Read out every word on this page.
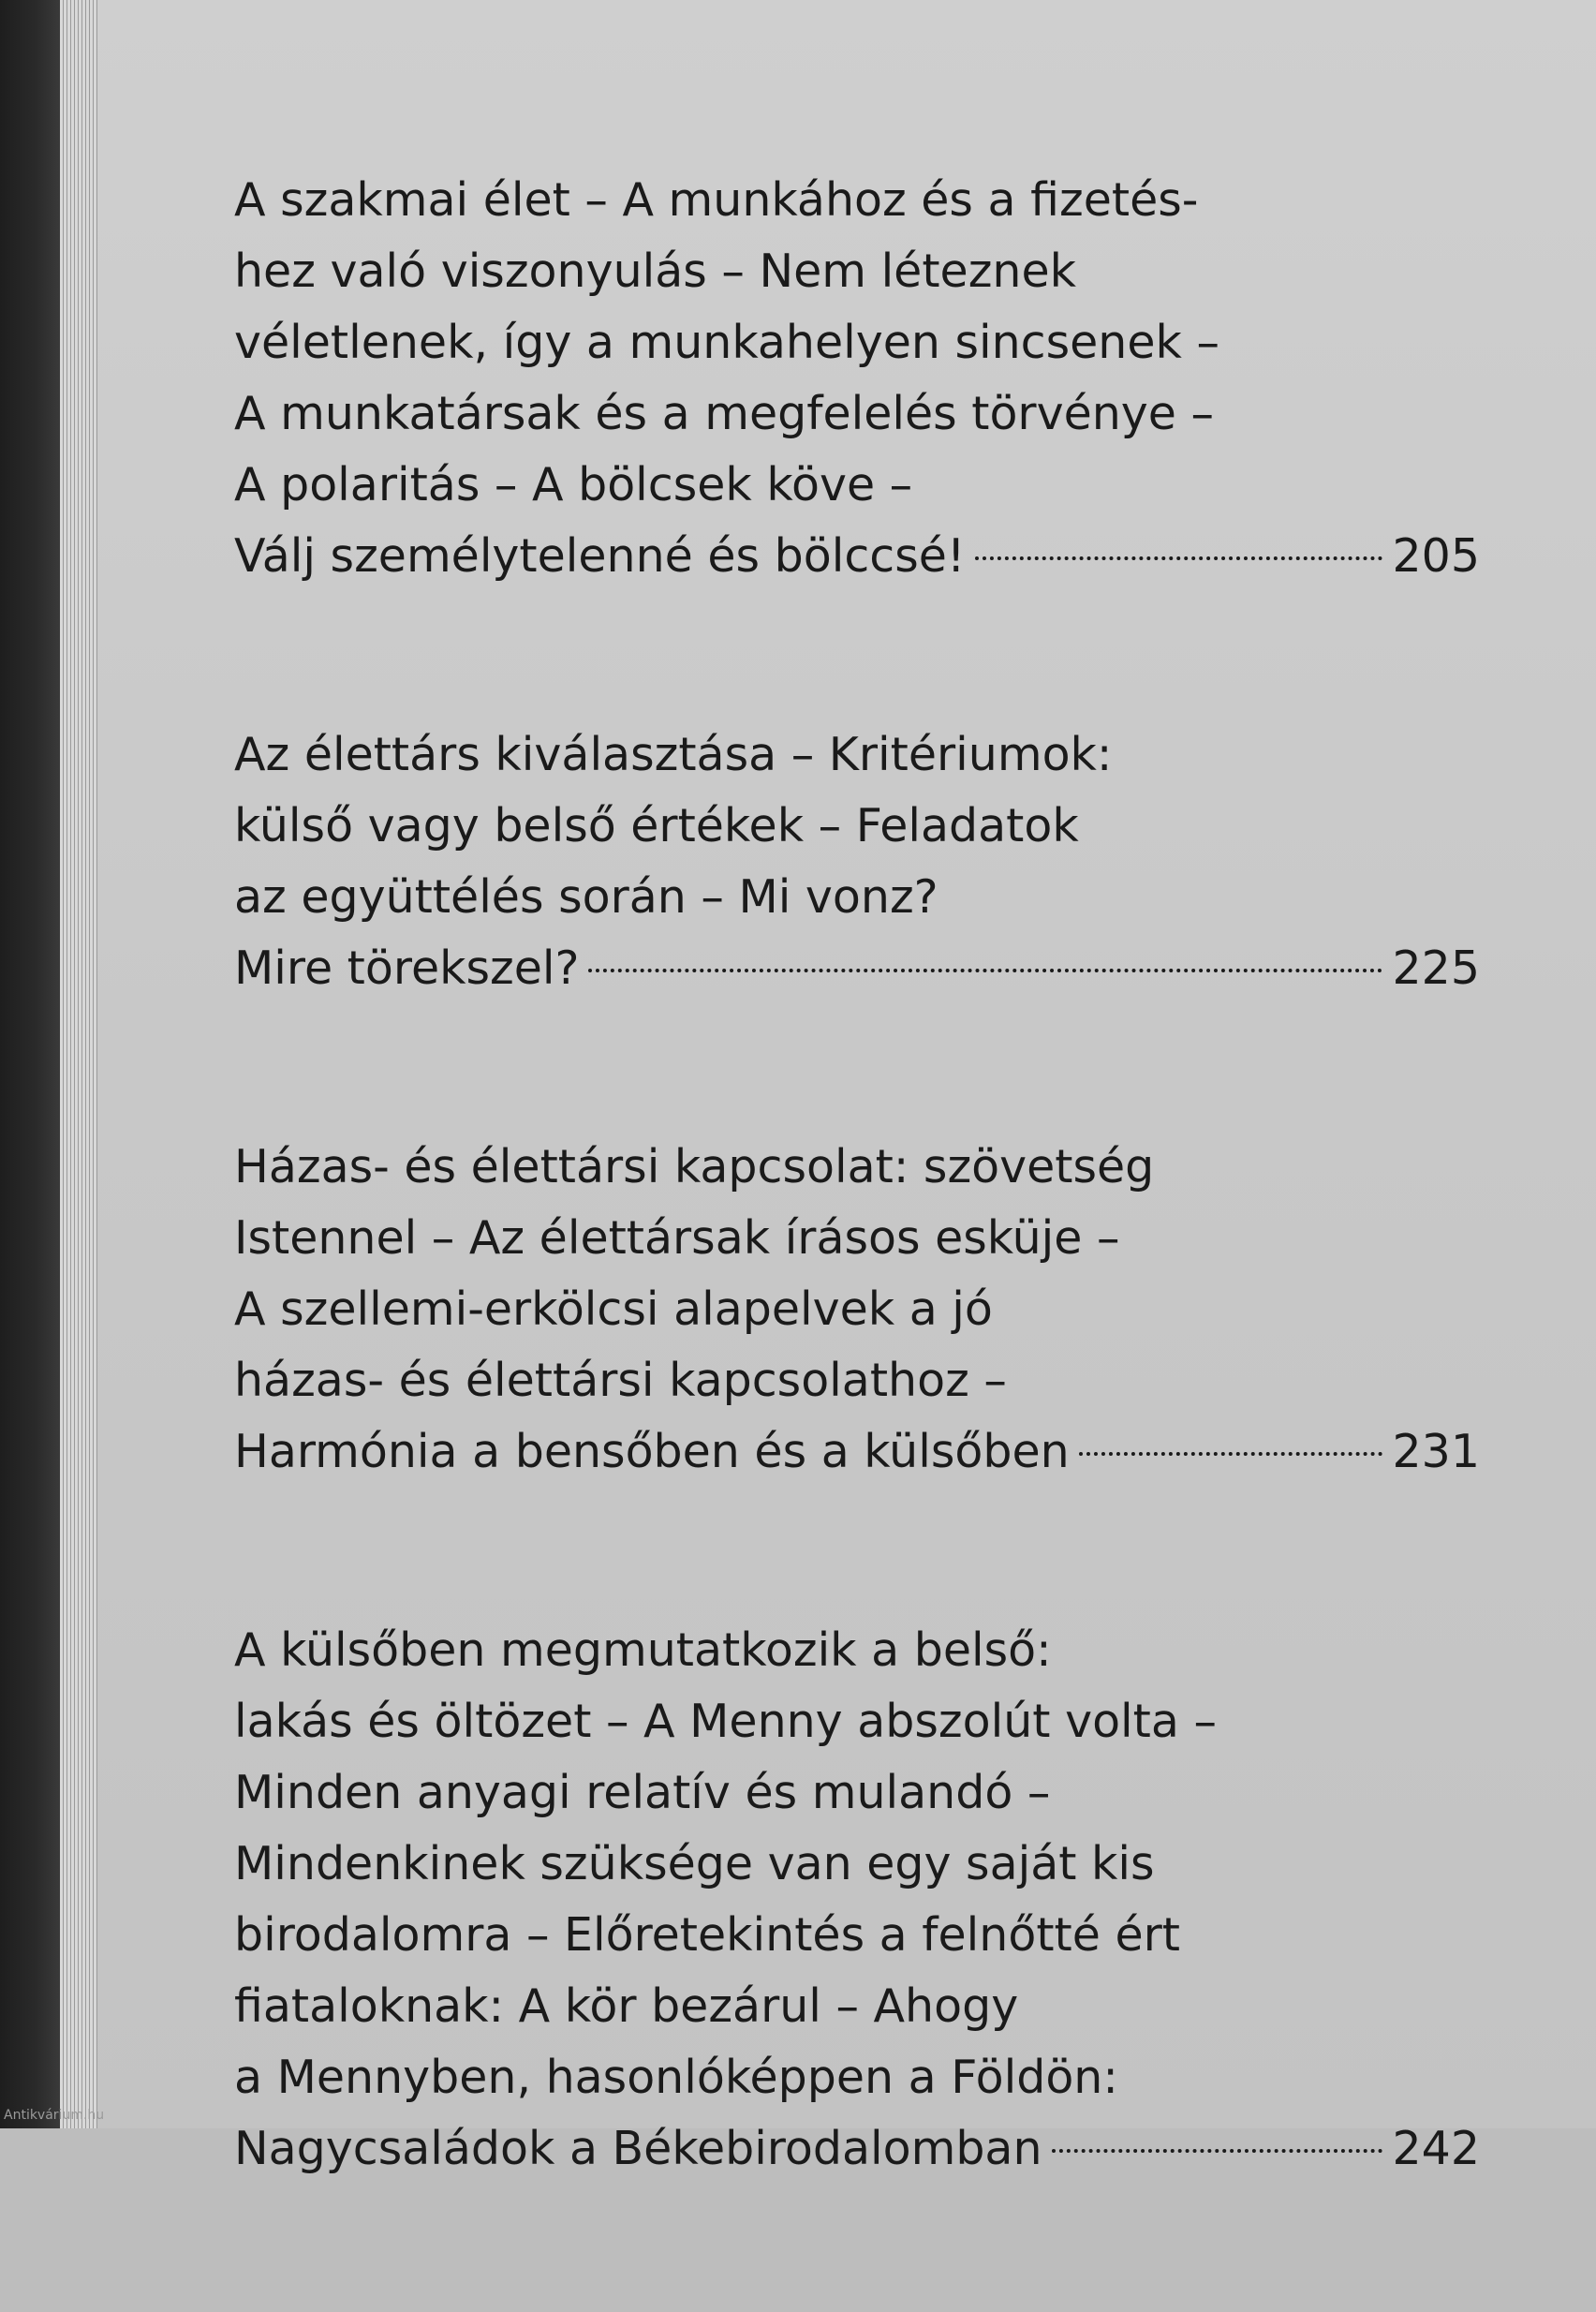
A szakmai élet – A munkához és a fizetés-
hez való viszonyulás – Nem léteznek
véletlenek, így a munkahelyen sincsenek –
A munkatársak és a megfelelés törvénye –
A polaritás – A bölcsek köve –
Válj személytelenné és bölccsé!	205
Az élettárs kiválasztása – Kritériumok:
külső vagy belső értékek – Feladatok
az együttélés során – Mi vonz?
Mire törekszel?	225
Házas- és élettársi kapcsolat: szövetség
Istennel – Az élettársak írásos esküje –
A szellemi-erkölcsi alapelvek a jó
házas- és élettársi kapcsolathoz –
Harmónia a bensőben és a külsőben	231
A külsőben megmutatkozik a belső:
lakás és öltözet – A Menny abszolút volta –
Minden anyagi relatív és mulandó –
Mindenkinek szüksége van egy saját kis
birodalomra – Előretekintés a felnőtté ért
fiataloknak: A kör bezárul – Ahogy
a Mennyben, hasonlóképpen a Földön:
Nagycsaládok a Békebirodalomban	242
Antikvárium.hu
